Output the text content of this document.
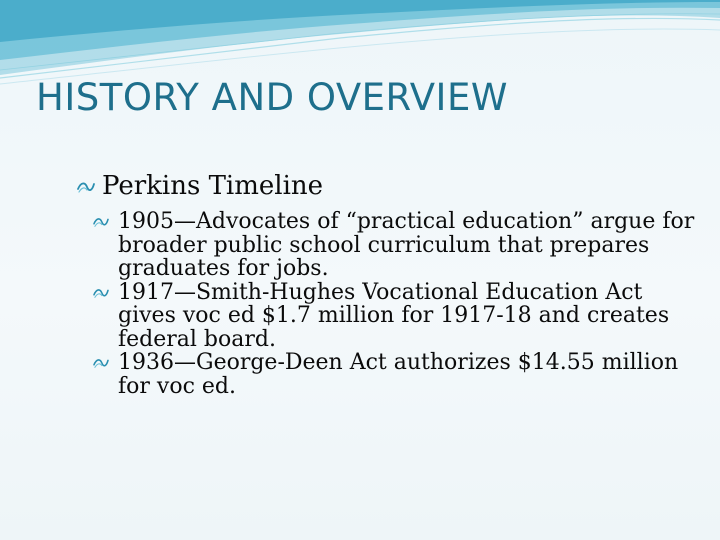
HISTORY AND OVERVIEW
Perkins Timeline
1905—Advocates of “practical education” argue for broader public school curriculum that prepares graduates for jobs.
1917—Smith-Hughes Vocational Education Act gives voc ed $1.7 million for 1917-18 and creates federal board.
1936—George-Deen Act authorizes $14.55 million for voc ed.
